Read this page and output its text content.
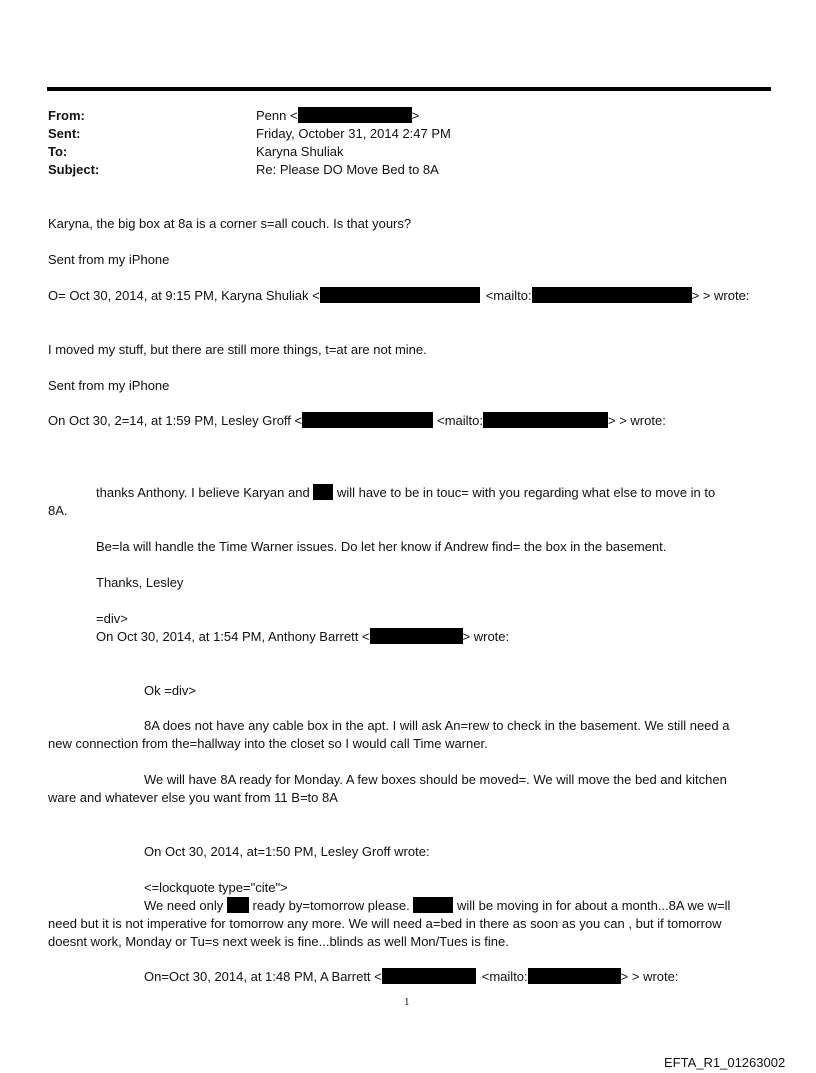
From:	Penn <	>
Sent:	Friday, October 31, 2014 2:47 PM
To:	Karyna Shuliak
Subject:	Re: Please DO Move Bed to 8A
Karyna, the big box at 8a is a corner s=all couch. Is that yours?
Sent from my iPhone
O= Oct 30, 2014, at 9:15 PM, Karyna Shuliak <	<mailto:	> > wrote:
I moved my stuff, but there are still more things, t=at are not mine.
Sent from my iPhone
On Oct 30, 2=14, at 1:59 PM, Lesley Groff <	<mailto:	> > wrote:
thanks Anthony. I believe Karyan and will have to be in touc= with you regarding what else to move in to
8A.
Be=la will handle the Time Warner issues. Do let her know if Andrew find= the box in the basement.
Thanks, Lesley
=div>
On Oct 30, 2014, at 1:54 PM, Anthony Barrett <	> wrote:
Ok =div>
8A does not have any cable box in the apt. I will ask An=rew to check in the basement. We still need a
new connection from the=hallway into the closet so I would call Time warner.
We will have 8A ready for Monday. A few boxes should be moved=. We will move the bed and kitchen
ware and whatever else you want from 11 B=to 8A
On Oct 30, 2014, at=1:50 PM, Lesley Groff wrote:
<=lockquote type="cite">
We need only ready by=tomorrow please.	will be moving in for about a month...8A we w=ll
need but it is not imperative for tomorrow any more. We will need a=bed in there as soon as you can , but if tomorrow
doesnt work, Monday or Tu=s next week is fine...blinds as well Mon/Tues is fine.
On=Oct 30, 2014, at 1:48 PM, A Barrett <	<mailto:	> > wrote:
1
EFTA_R1_01263002
